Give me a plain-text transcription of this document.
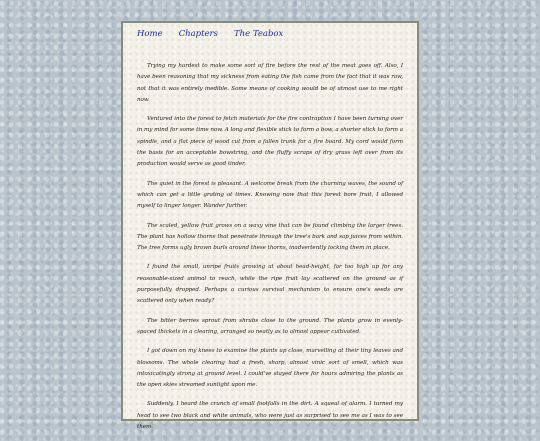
Home Chapters The Teabox

Trying my hardest to make some sort of fire before the rest of the meat goes off. Also, I have been reasoning that my sickness from eating the fish came from the fact that it was raw, not that it was entirely inedible. Some means of cooking would be of utmost use to me right now.

Ventured into the forest to fetch materials for the fire contraption I have been turning over in my mind for some time now. A long and flexible stick to form a bow, a shorter stick to form a spindle, and a flat piece of wood cut from a fallen trunk for a fire board. My cord would form the basis for an acceptable bowstring, and the fluffy scraps of dry grass left over from its production would serve as good tinder.

The quiet in the forest is pleasant. A welcome break from the churning waves, the sound of which can get a little grating at times. Knowing now that this forest bore fruit, I allowed myself to linger longer. Wander further.

The scaled, yellow fruit grows on a waxy vine that can be found climbing the larger trees. The plant has hollow thorns that penetrate through the tree's bark and sap juices from within. The tree forms ugly brown burls around these thorns, inadvertently locking them in place.

I found the small, unripe fruits growing at about head-height, far too high up for any reasonable-sized animal to reach, while the ripe fruit lay scattered on the ground as if purposefully dropped. Perhaps a curious survival mechanism to ensure one's seeds are scattered only when ready?

The bitter berries sprout from shrubs close to the ground. The plants grow in evenly-spaced thickets in a clearing, arranged so neatly as to almost appear cultivated.

I got down on my knees to examine the plants up close, marvelling at their tiny leaves and blossoms. The whole clearing had a fresh, sharp, almost vinic sort of smell, which was intoxicatingly strong at ground level. I could've stayed there for hours admiring the plants as the open skies streamed sunlight upon me.

Suddenly, I heard the crunch of small footfalls in the dirt. A squeal of alarm. I turned my head to see two black and white animals, who were just as surprised to see me as I was to see them.
